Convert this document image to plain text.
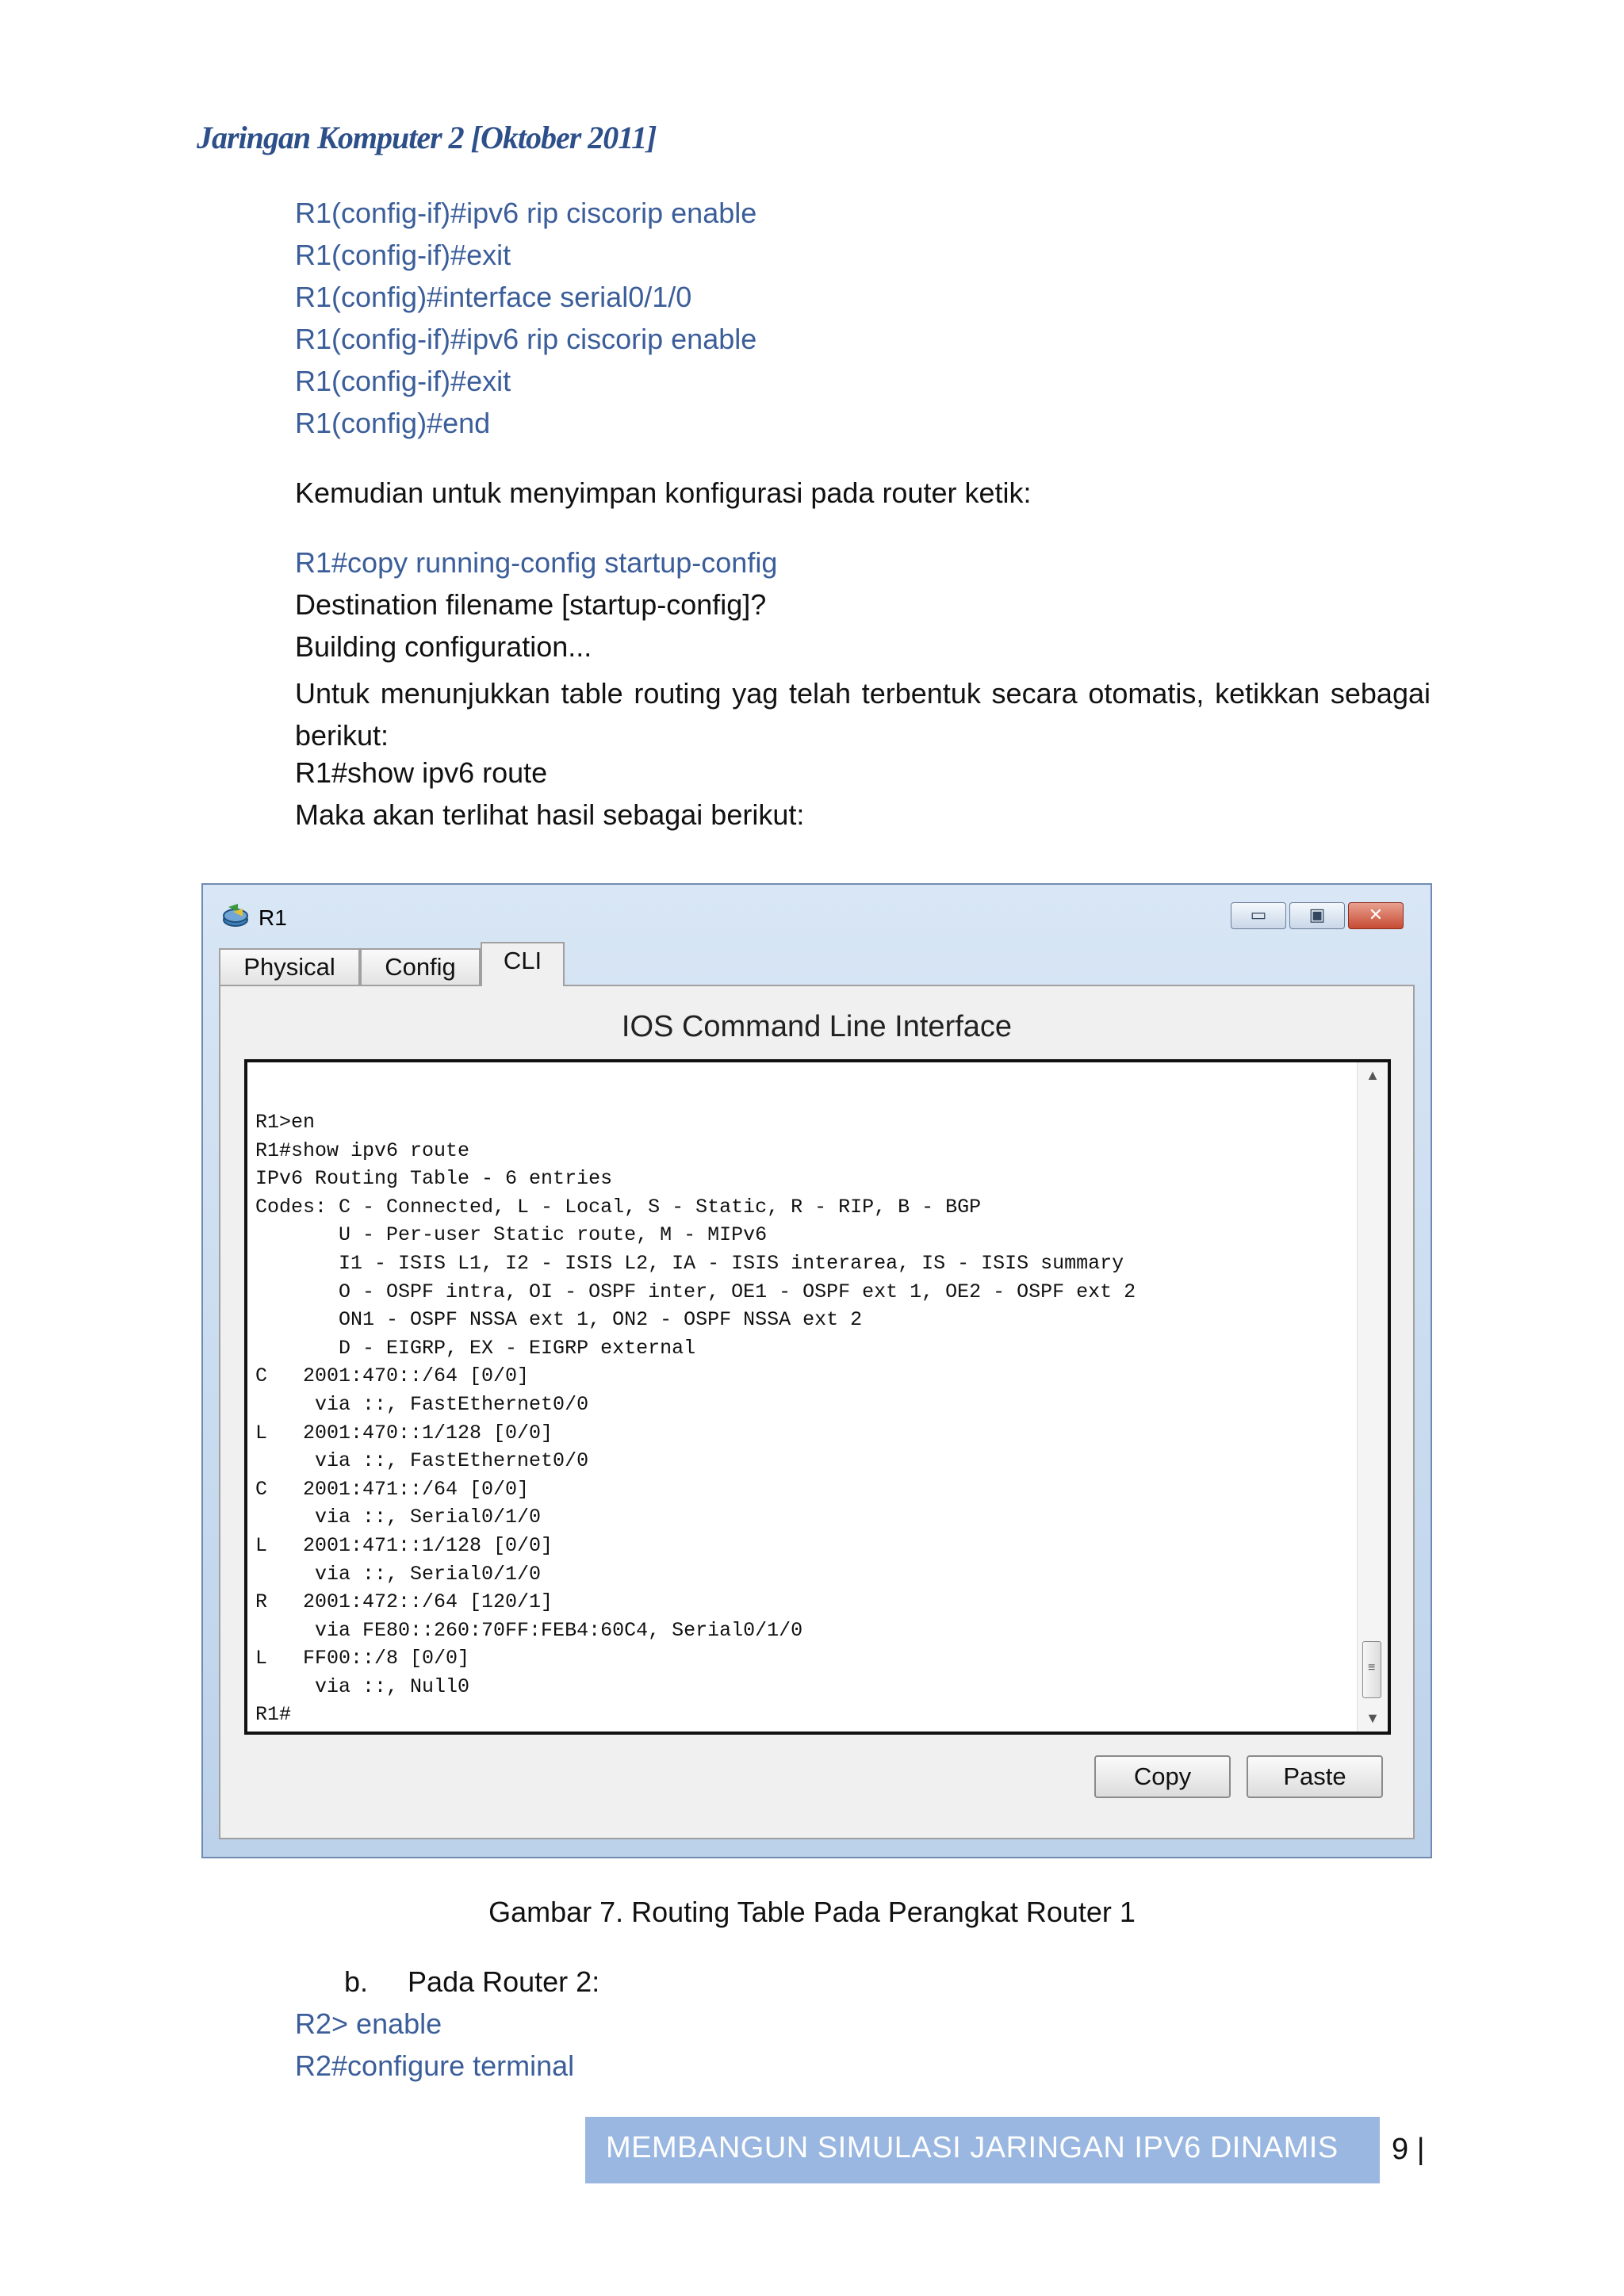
Jaringan Komputer 2 [Oktober 2011]
R1(config-if)#ipv6 rip ciscorip enable
R1(config-if)#exit
R1(config)#interface serial0/1/0
R1(config-if)#ipv6 rip ciscorip enable
R1(config-if)#exit
R1(config)#end
Kemudian untuk menyimpan konfigurasi pada router ketik:
R1#copy running-config startup-config
Destination filename [startup-config]?
Building configuration...
Untuk menunjukkan table routing yag telah terbentuk secara otomatis, ketikkan sebagai berikut:
R1#show ipv6 route
Maka akan terlihat hasil sebagai berikut:
R1	▭	▣	✕
Physical	Config	CLI
IOS Command Line Interface
R1>en
R1#show ipv6 route
IPv6 Routing Table - 6 entries
Codes: C - Connected, L - Local, S - Static, R - RIP, B - BGP
U - Per-user Static route, M - MIPv6
I1 - ISIS L1, I2 - ISIS L2, IA - ISIS interarea, IS - ISIS summary
O - OSPF intra, OI - OSPF inter, OE1 - OSPF ext 1, OE2 - OSPF ext 2
ON1 - OSPF NSSA ext 1, ON2 - OSPF NSSA ext 2
D - EIGRP, EX - EIGRP external
C   2001:470::/64 [0/0]
via ::, FastEthernet0/0
L   2001:470::1/128 [0/0]
via ::, FastEthernet0/0
C   2001:471::/64 [0/0]
via ::, Serial0/1/0
L   2001:471::1/128 [0/0]
via ::, Serial0/1/0
R   2001:472::/64 [120/1]
via FE80::260:70FF:FEB4:60C4, Serial0/1/0
L   FF00::/8 [0/0]
via ::, Null0
R1#
▲
≡
▼
Copy	Paste
Gambar 7. Routing Table Pada Perangkat Router 1
b.     Pada Router 2:
R2> enable
R2#configure terminal
MEMBANGUN SIMULASI JARINGAN IPV6 DINAMIS 9 |
